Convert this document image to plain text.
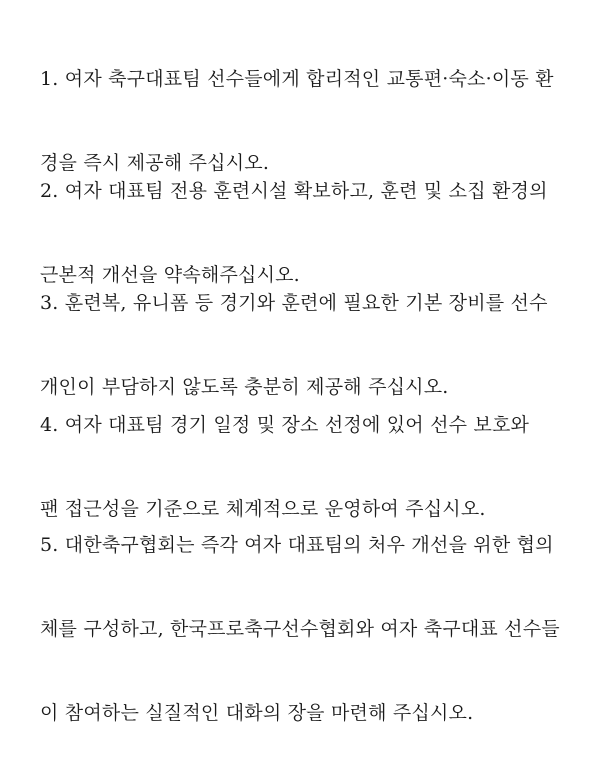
1. 여자 축구대표팀 선수들에게 합리적인 교통편·숙소·이동 환

경을 즉시 제공해 주십시오.

2. 여자 대표팀 전용 훈련시설 확보하고, 훈련 및 소집 환경의

근본적 개선을 약속해주십시오.

3. 훈련복, 유니폼 등 경기와 훈련에 필요한 기본 장비를 선수

개인이 부담하지 않도록 충분히 제공해 주십시오.

4. 여자 대표팀 경기 일정 및 장소 선정에 있어 선수 보호와

팬 접근성을 기준으로 체계적으로 운영하여 주십시오.

5. 대한축구협회는 즉각 여자 대표팀의 처우 개선을 위한 협의

체를 구성하고, 한국프로축구선수협회와 여자 축구대표 선수들

이 참여하는 실질적인 대화의 장을 마련해 주십시오.
